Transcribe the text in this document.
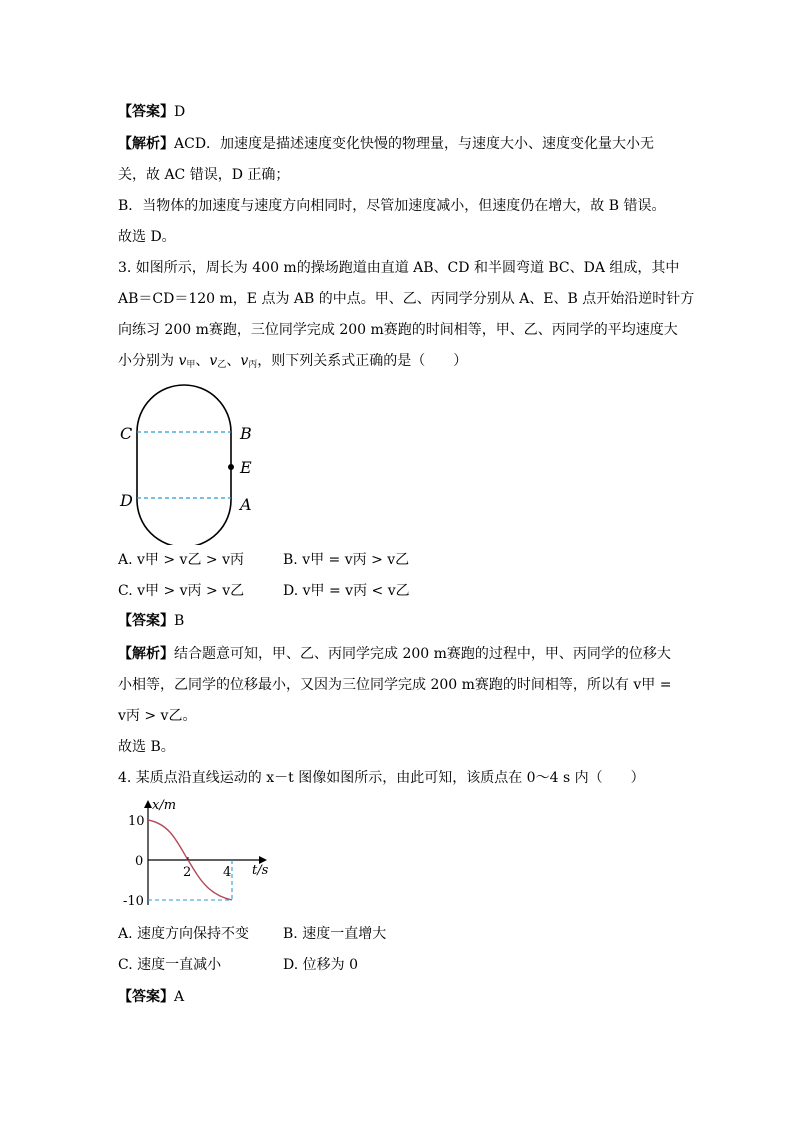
【答案】D
【解析】ACD．加速度是描述速度变化快慢的物理量，与速度大小、速度变化量大小无
关，故 AC 错误，D 正确；
B．当物体的加速度与速度方向相同时，尽管加速度减小，但速度仍在增大，故 B 错误。
故选 D。
3. 如图所示，周长为 400 m的操场跑道由直道 AB、CD 和半圆弯道 BC、DA 组成，其中
AB＝CD＝120 m，E 点为 AB 的中点。甲、乙、丙同学分别从 A、E、B 点开始沿逆时针方
向练习 200 m赛跑，三位同学完成 200 m赛跑的时间相等，甲、乙、丙同学的平均速度大
小分别为 $v_甲$、$v_乙$、$v_丙$，则下列关系式正确的是（　　）
C	B
E
D	A
A. v甲 > v乙 > v丙	B. v甲 = v丙 > v乙
C. v甲 > v丙 > v乙	D. v甲 = v丙 < v乙
【答案】B
【解析】结合题意可知，甲、乙、丙同学完成 200 m赛跑的过程中，甲、丙同学的位移大
小相等，乙同学的位移最小，又因为三位同学完成 200 m赛跑的时间相等，所以有 v甲 =
v丙 > v乙。
故选 B。
4. 某质点沿直线运动的 x－t 图像如图所示，由此可知，该质点在 0～4 s 内（　　）
x/m
t/s
10
0
-10
2 4
A. 速度方向保持不变 B. 速度一直增大
C. 速度一直减小	D. 位移为 0
【答案】A
